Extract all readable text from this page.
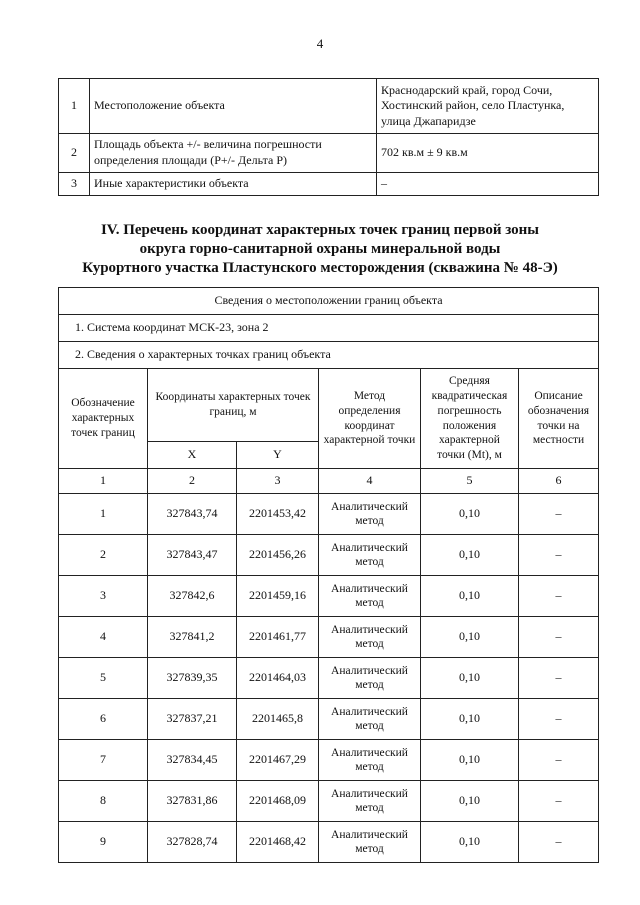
4
1	Местоположение объекта	Краснодарский край, город Сочи, Хостинский район, село Пластунка, улица Джапаридзе
2	Площадь объекта +/- величина погрешности определения площади (P+/- Дельта P)	702 кв.м ± 9 кв.м
3	Иные характеристики объекта	–
IV. Перечень координат характерных точек границ первой зоны
округа горно-санитарной охраны минеральной воды
Курортного участка Пластунского месторождения (скважина № 48-Э)
Сведения о местоположении границ объекта					
1. Система координат МСК-23, зона 2					
2. Сведения о характерных точках границ объекта					
Обозначение характерных точек границ	Координаты характерных точек границ, м		Метод определения координат характерной точки	Средняя квадратическая погрешность положения характерной точки (Mt), м	Описание обозначения точки на местности
	X	Y			
1	2	3	4	5	6
1	327843,74	2201453,42	Аналитический метод	0,10	–
2	327843,47	2201456,26	Аналитический метод	0,10	–
3	327842,6	2201459,16	Аналитический метод	0,10	–
4	327841,2	2201461,77	Аналитический метод	0,10	–
5	327839,35	2201464,03	Аналитический метод	0,10	–
6	327837,21	2201465,8	Аналитический метод	0,10	–
7	327834,45	2201467,29	Аналитический метод	0,10	–
8	327831,86	2201468,09	Аналитический метод	0,10	–
9	327828,74	2201468,42	Аналитический метод	0,10	–
